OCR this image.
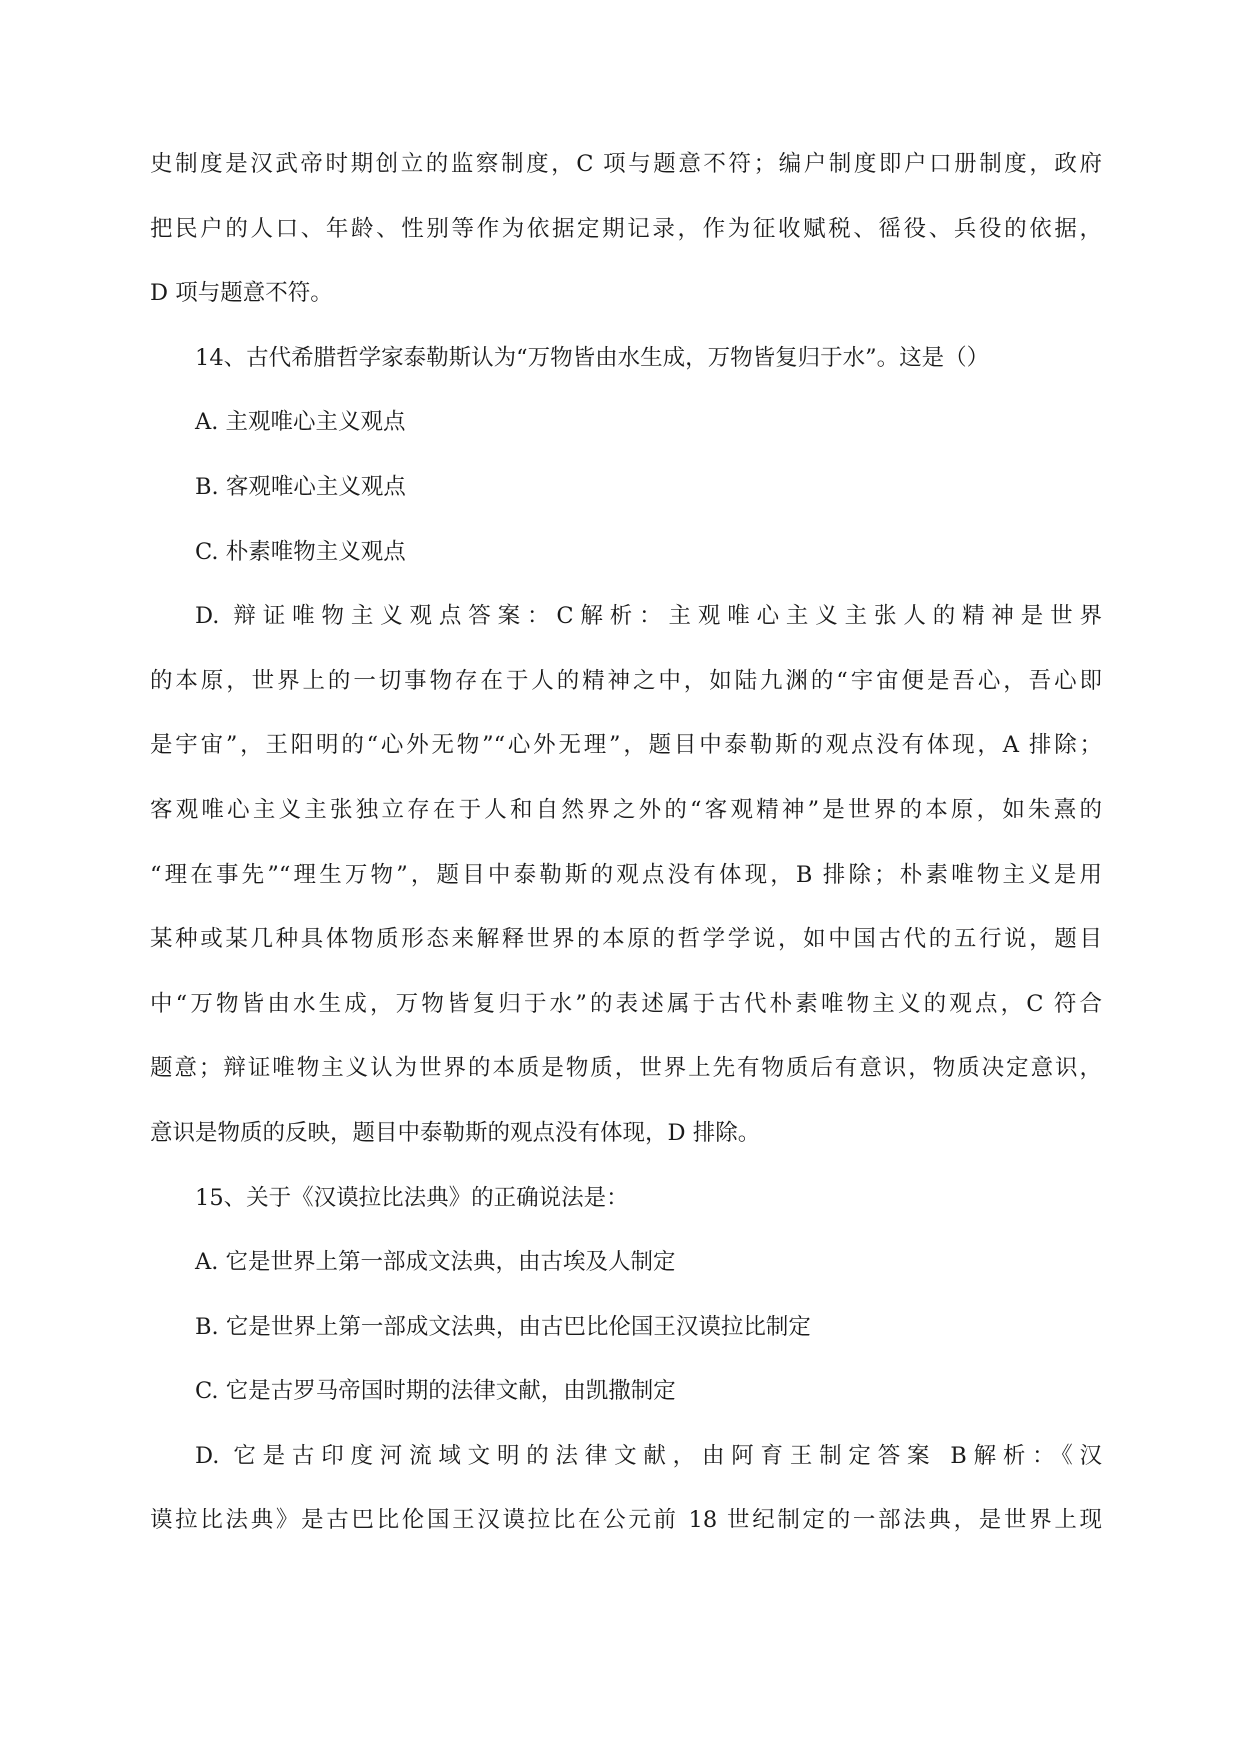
史制度是汉武帝时期创立的监察制度，C 项与题意不符；编户制度即户口册制度，政府
把民户的人口、年龄、性别等作为依据定期记录，作为征收赋税、徭役、兵役的依据，
D 项与题意不符。
14、古代希腊哲学家泰勒斯认为“万物皆由水生成，万物皆复归于水”。这是（）
A. 主观唯心主义观点
B. 客观唯心主义观点
C. 朴素唯物主义观点
D. 辩证唯物主义观点答案：C解析：主观唯心主义主张人的精神是世界
的本原，世界上的一切事物存在于人的精神之中，如陆九渊的“宇宙便是吾心，吾心即
是宇宙”，王阳明的“心外无物”“心外无理”，题目中泰勒斯的观点没有体现，A 排除；
客观唯心主义主张独立存在于人和自然界之外的“客观精神”是世界的本原，如朱熹的
“理在事先”“理生万物”，题目中泰勒斯的观点没有体现，B 排除；朴素唯物主义是用
某种或某几种具体物质形态来解释世界的本原的哲学学说，如中国古代的五行说，题目
中“万物皆由水生成，万物皆复归于水”的表述属于古代朴素唯物主义的观点，C 符合
题意；辩证唯物主义认为世界的本质是物质，世界上先有物质后有意识，物质决定意识，
意识是物质的反映，题目中泰勒斯的观点没有体现，D 排除。
15、关于《汉谟拉比法典》的正确说法是：
A. 它是世界上第一部成文法典，由古埃及人制定
B. 它是世界上第一部成文法典，由古巴比伦国王汉谟拉比制定
C. 它是古罗马帝国时期的法律文献，由凯撒制定
D. 它是古印度河流域文明的法律文献，由阿育王制定答案 B解析：《汉
谟拉比法典》是古巴比伦国王汉谟拉比在公元前 18 世纪制定的一部法典，是世界上现
